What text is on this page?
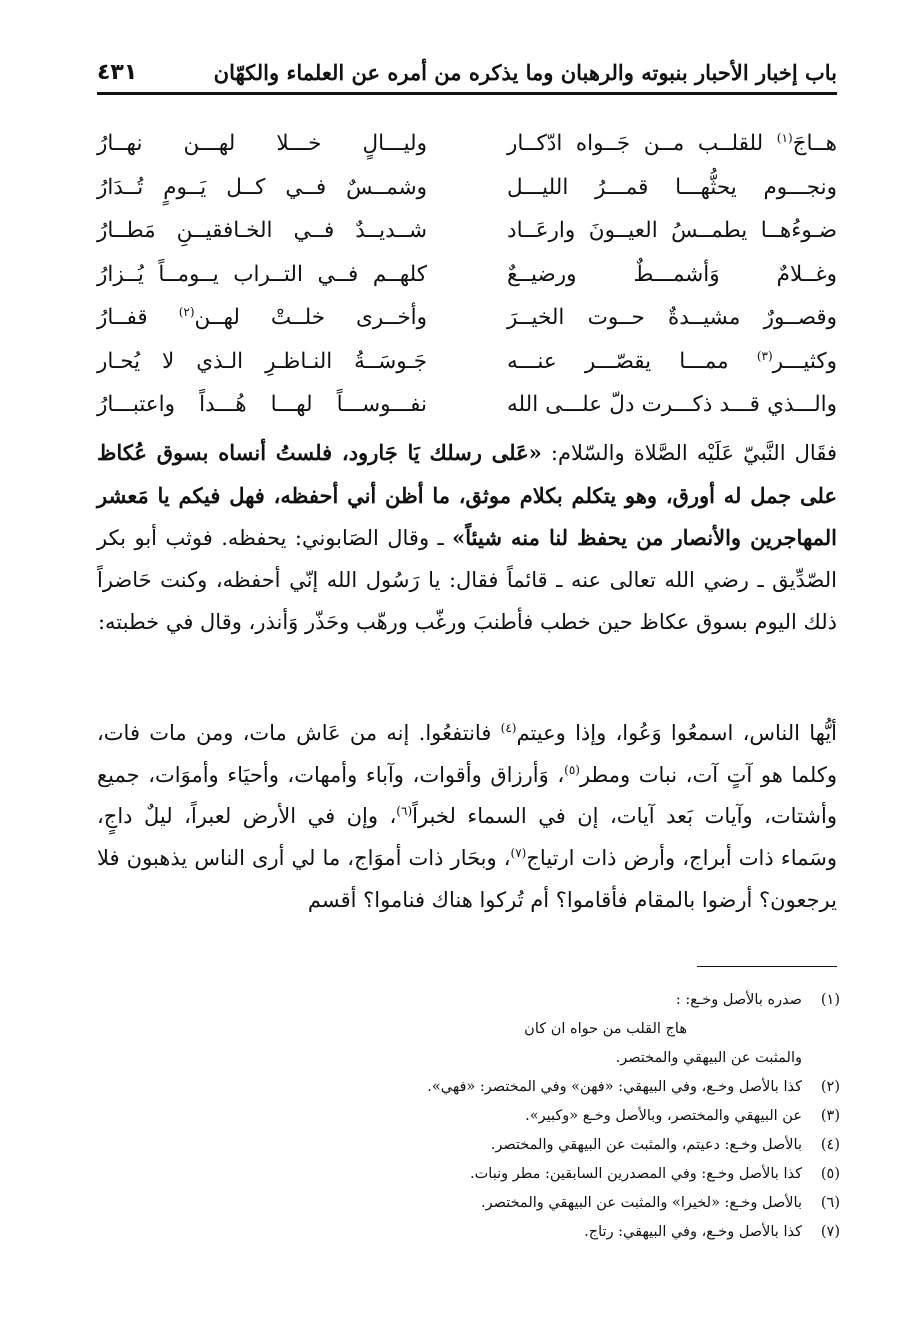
باب إخبار الأحبار بنبوته والرهبان وما يذكره من أمره عن العلماء والكهّان
٤٣١
هــاجَ$^{(١)}$ للقلــب مــن جَــواه ادّكــار
وليـــالٍ خـــلا لهـــن نهــارُ
ونجـــوم يحثُّهـــا قمـــرُ الليـــل
وشمــسٌ فــي كــل يَــومٍ تُــدَارُ
ضـوءُهــا يطمــسُ العيــونَ وارعَــاد
شــديــدٌ فــي الخـافقيــنِ مَطــارُ
وغــلامٌ وَأشمـــطٌ ورضيــعٌ
كلهــم فــي التــراب يــومــاً يُــزارُ
وقصــورٌ مشيــدةٌ حــوت الخيــرَ
وأخــرى خلــتْ لهــن$^{(٢)}$ قفــارُ
وكثيـــر$^{(٣)}$ ممـــا يقصّـــر عنـــه
جَـوسَــةُ النـاظـرِ الـذي لا يُحـار
والـــذي قـــد ذكـــرت دلّ علـــى الله
نفـــوســـاً لهـــا هُـــداً واعتبـــارُ

فقَال النَّبيّ عَلَيْه الصَّلاة والسّلام: «عَلى رسلك يَا جَارود، فلستُ أنساه بسوق عُكاظ على جمل له أورق، وهو يتكلم بكلام موثق، ما أظن أني أحفظه، فهل فيكم يا مَعشر المهاجرين والأنصار من يحفظ لنا منه شيئاً» ـ وقال الصَابوني: يحفظه. فوثب أبو بكر الصّدِّيق ـ رضي الله تعالى عنه ـ قائماً فقال: يا رَسُول الله إنّي أحفظه، وكنت حَاضراً ذلك اليوم بسوق عكاظ حين خطب فأطنبَ ورغّب ورهّب وحَذّر وَأنذر، وقال في خطبته:

أيُّها الناس، اسمعُوا وَعُوا، وإذا وعيتم$^{(٤)}$ فانتفعُوا. إنه من عَاش مات، ومن مات فات، وكلما هو آتٍ آت، نبات ومطر$^{(٥)}$، وَأرزاق وأقوات، وآباء وأمهات، وأحيَاء وأموَات، جميع وأشتات، وآيات بَعد آيات، إن في السماء لخبراً$^{(٦)}$، وإن في الأرض لعبراً، ليلٌ داجٍ، وسَماء ذات أبراج، وأرض ذات ارتياج$^{(٧)}$، وبحَار ذات أموَاج، ما لي أرى الناس يذهبون فلا يرجعون؟ أرضوا بالمقام فأقاموا؟ أم تُركوا هناك فناموا؟ أقسم

(١)
صدره بالأصل وخـع: :
هاج القلب من حواه ان كان
والمثبت عن البيهقي والمختصر.
(٢)
كذا بالأصل وخـع، وفي البيهقي: «فهن» وفي المختصر: «فهي».
(٣)
عن البيهقي والمختصر، وبالأصل وخـع «وكبير».
(٤)
بالأصل وخـع: دعيتم، والمثبت عن البيهقي والمختصر.
(٥)
كذا بالأصل وخـع: وفي المصدرين السابقين: مطر ونبات.
(٦)
بالأصل وخـع: «لخيرا» والمثبت عن البيهقي والمختصر.
(٧)
كذا بالأصل وخـع، وفي البيهقي: رتاج.
